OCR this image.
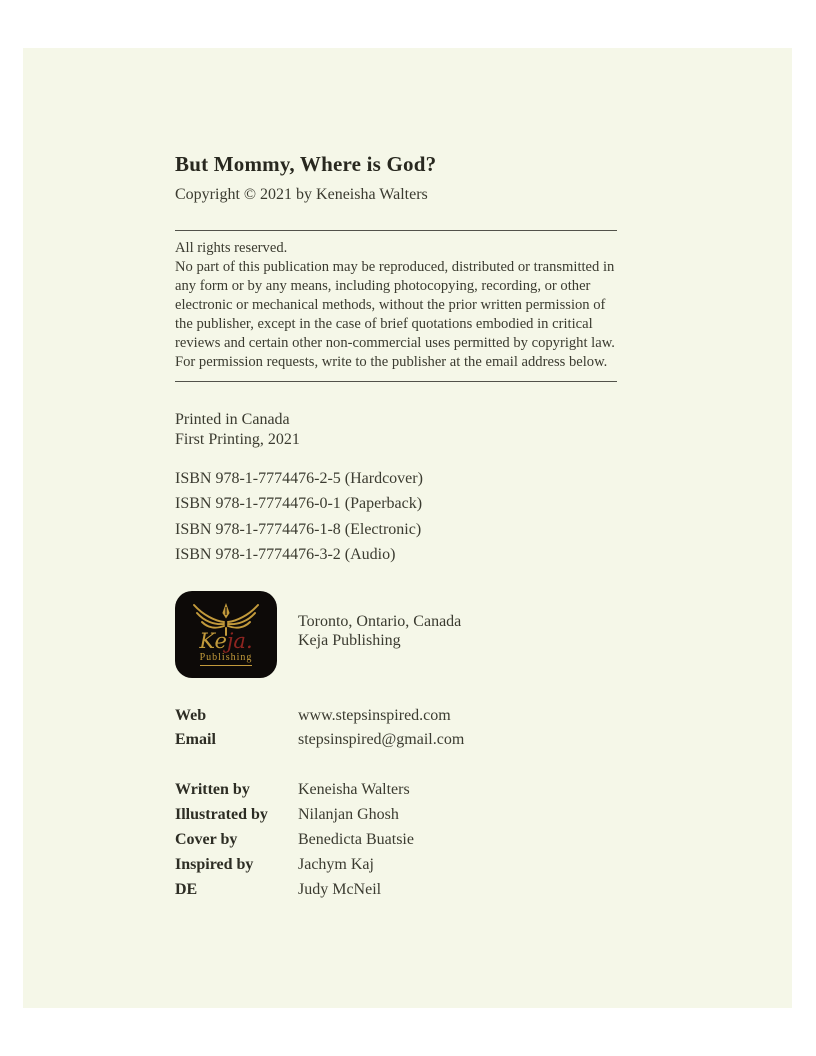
But Mommy, Where is God?

Copyright © 2021 by Keneisha Walters

All rights reserved.
No part of this publication may be reproduced, distributed or transmitted in any form or by any means, including photocopying, recording, or other electronic or mechanical methods, without the prior written permission of the publisher, except in the case of brief quotations embodied in critical reviews and certain other non-commercial uses permitted by copyright law. For permission requests, write to the publisher at the email address below.

Printed in Canada
First Printing, 2021
ISBN 978-1-7774476-2-5 (Hardcover)
ISBN 978-1-7774476-0-1 (Paperback)
ISBN 978-1-7774476-1-8 (Electronic)
ISBN 978-1-7774476-3-2 (Audio)
Keja.
Publishing
Toronto, Ontario, Canada
Keja Publishing
Web	www.stepsinspired.com
Email	stepsinspired@gmail.com
Written by	Keneisha Walters
Illustrated by	Nilanjan Ghosh
Cover by	Benedicta Buatsie
Inspired by	Jachym Kaj
DE	Judy McNeil
